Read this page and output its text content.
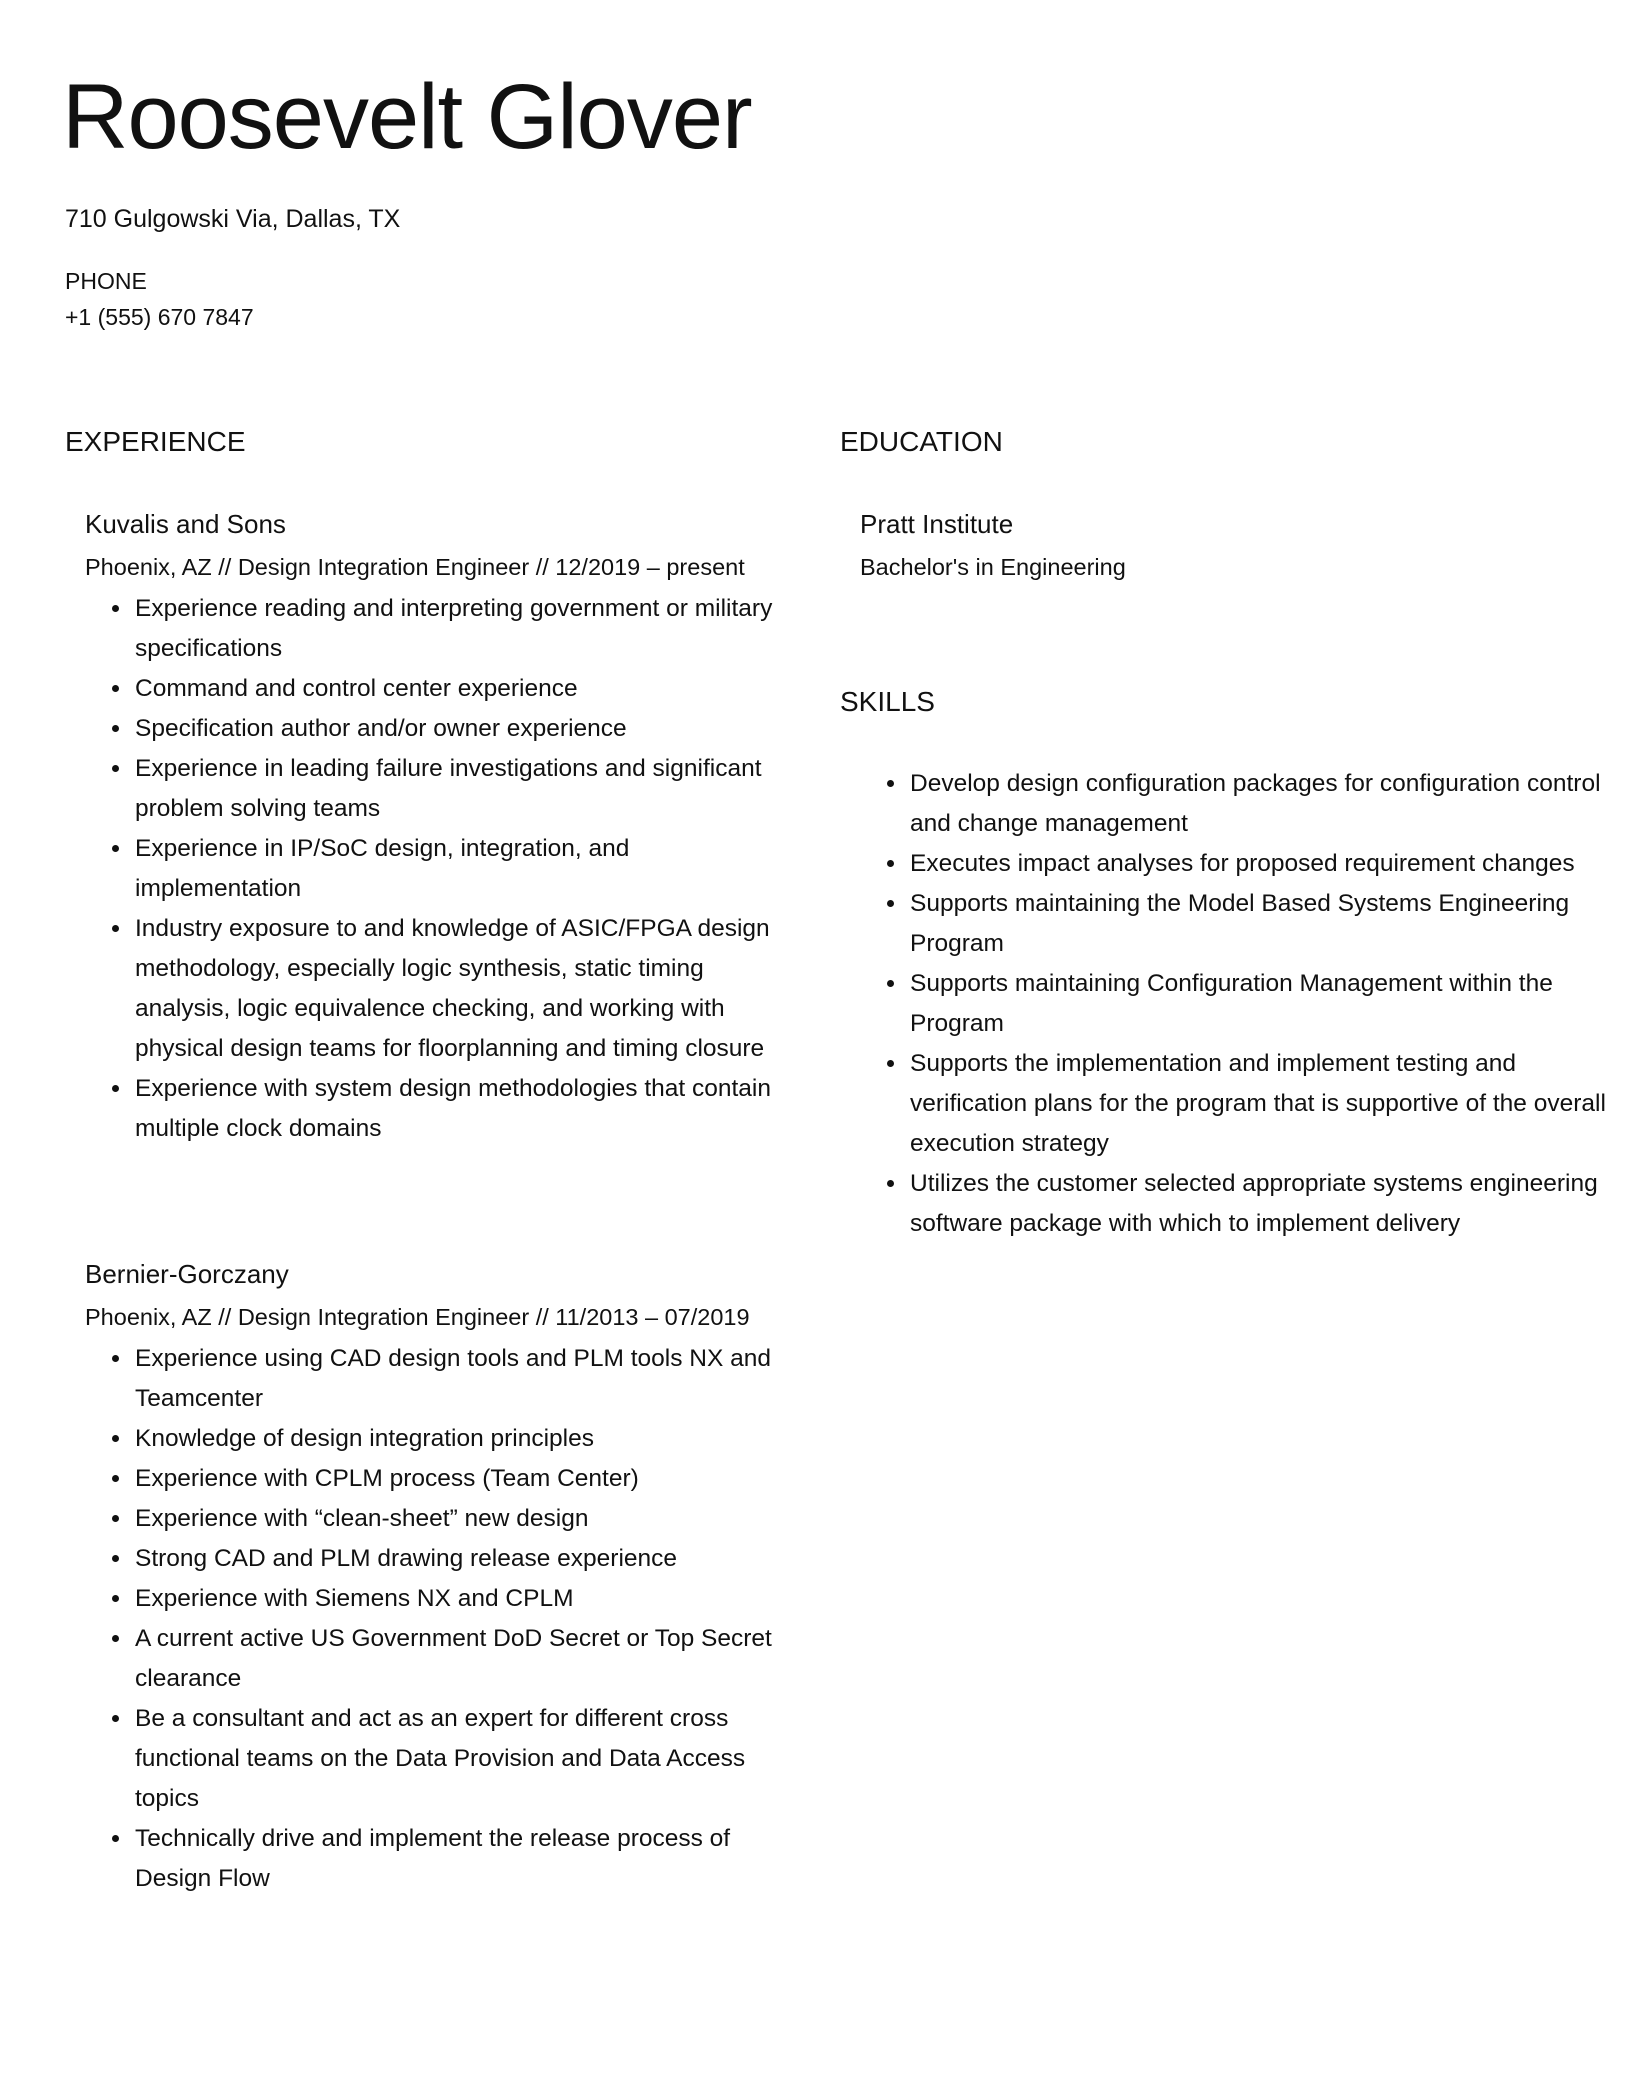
Roosevelt Glover
710 Gulgowski Via, Dallas, TX
PHONE
+1 (555) 670 7847
EXPERIENCE
Kuvalis and Sons
Phoenix, AZ // Design Integration Engineer // 12/2019 – present
• Experience reading and interpreting government or military specifications
• Command and control center experience
• Specification author and/or owner experience
• Experience in leading failure investigations and significant problem solving teams
• Experience in IP/SoC design, integration, and implementation
• Industry exposure to and knowledge of ASIC/FPGA design methodology, especially logic synthesis, static timing analysis, logic equivalence checking, and working with physical design teams for floorplanning and timing closure
• Experience with system design methodologies that contain multiple clock domains
Bernier-Gorczany
Phoenix, AZ // Design Integration Engineer // 11/2013 – 07/2019
• Experience using CAD design tools and PLM tools NX and Teamcenter
• Knowledge of design integration principles
• Experience with CPLM process (Team Center)
• Experience with “clean-sheet” new design
• Strong CAD and PLM drawing release experience
• Experience with Siemens NX and CPLM
• A current active US Government DoD Secret or Top Secret clearance
• Be a consultant and act as an expert for different cross functional teams on the Data Provision and Data Access topics
• Technically drive and implement the release process of Design Flow
EDUCATION
Pratt Institute
Bachelor's in Engineering
SKILLS
• Develop design configuration packages for configuration control and change management
• Executes impact analyses for proposed requirement changes
• Supports maintaining the Model Based Systems Engineering Program
• Supports maintaining Configuration Management within the Program
• Supports the implementation and implement testing and verification plans for the program that is supportive of the overall execution strategy
• Utilizes the customer selected appropriate systems engineering software package with which to implement delivery
